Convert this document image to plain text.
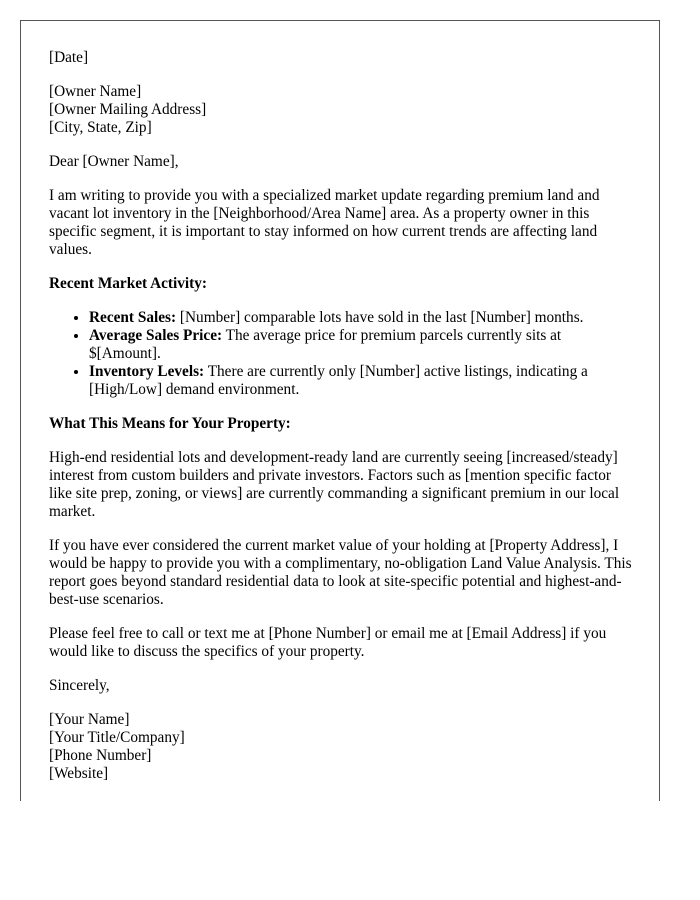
[Date]

[Owner Name]
[Owner Mailing Address]
[City, State, Zip]

Dear [Owner Name],

I am writing to provide you with a specialized market update regarding premium land and vacant lot inventory in the [Neighborhood/Area Name] area. As a property owner in this specific segment, it is important to stay informed on how current trends are affecting land values.

Recent Market Activity:

• Recent Sales: [Number] comparable lots have sold in the last [Number] months.
• Average Sales Price: The average price for premium parcels currently sits at $[Amount].
• Inventory Levels: There are currently only [Number] active listings, indicating a [High/Low] demand environment.

What This Means for Your Property:

High-end residential lots and development-ready land are currently seeing [increased/steady] interest from custom builders and private investors. Factors such as [mention specific factor like site prep, zoning, or views] are currently commanding a significant premium in our local market.

If you have ever considered the current market value of your holding at [Property Address], I would be happy to provide you with a complimentary, no-obligation Land Value Analysis. This report goes beyond standard residential data to look at site-specific potential and highest-and-best-use scenarios.

Please feel free to call or text me at [Phone Number] or email me at [Email Address] if you would like to discuss the specifics of your property.

Sincerely,

[Your Name]
[Your Title/Company]
[Phone Number]
[Website]
